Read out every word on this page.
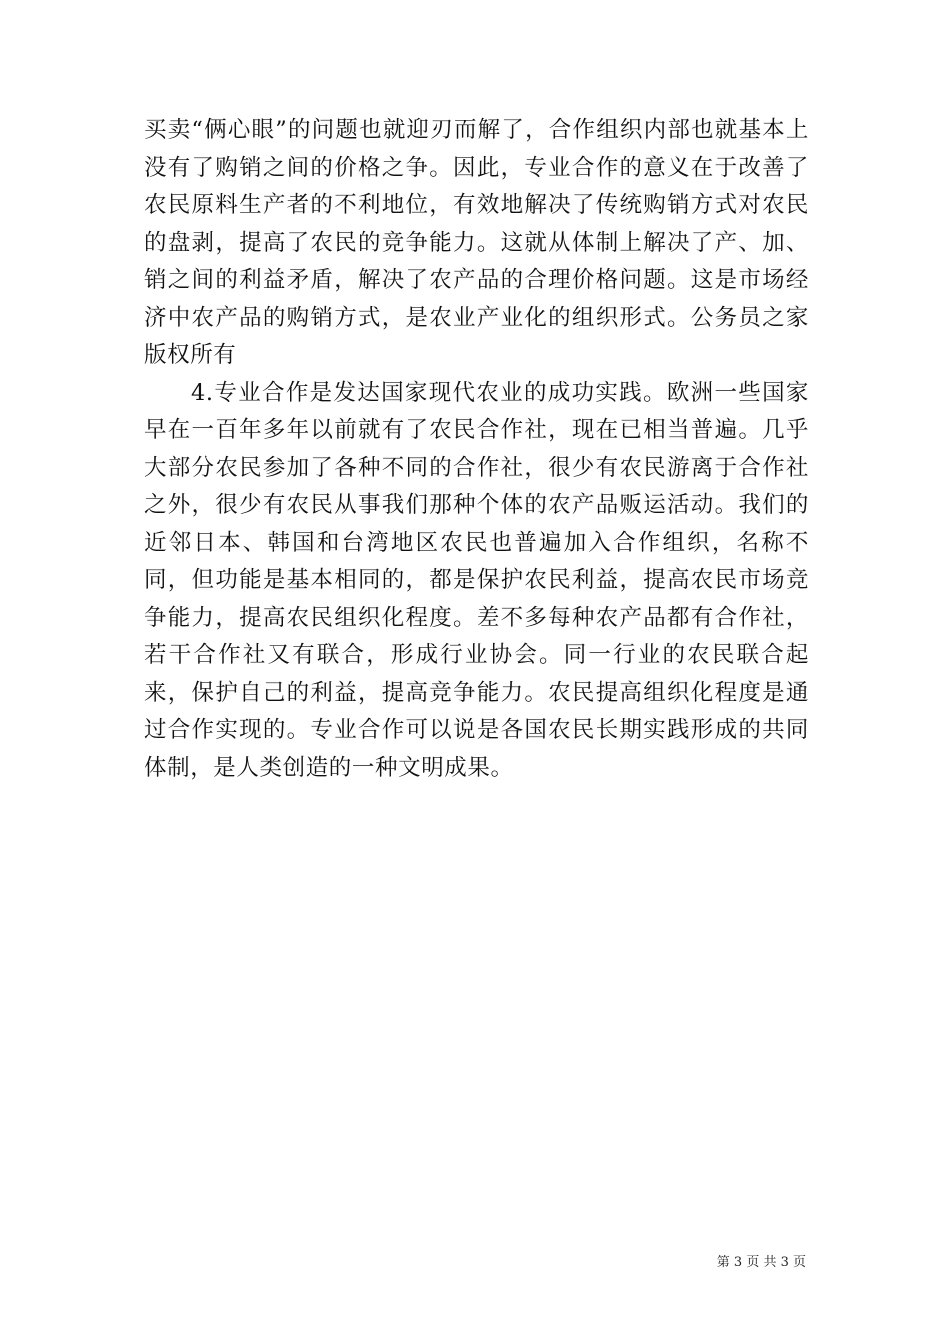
买卖“俩心眼”的问题也就迎刃而解了，合作组织内部也就基本上没有了购销之间的价格之争。因此，专业合作的意义在于改善了农民原料生产者的不利地位，有效地解决了传统购销方式对农民的盘剥，提高了农民的竞争能力。这就从体制上解决了产、加、销之间的利益矛盾，解决了农产品的合理价格问题。这是市场经济中农产品的购销方式，是农业产业化的组织形式。公务员之家版权所有

4.专业合作是发达国家现代农业的成功实践。欧洲一些国家早在一百年多年以前就有了农民合作社，现在已相当普遍。几乎大部分农民参加了各种不同的合作社，很少有农民游离于合作社之外，很少有农民从事我们那种个体的农产品贩运活动。我们的近邻日本、韩国和台湾地区农民也普遍加入合作组织，名称不同，但功能是基本相同的，都是保护农民利益，提高农民市场竞争能力，提高农民组织化程度。差不多每种农产品都有合作社，若干合作社又有联合，形成行业协会。同一行业的农民联合起来，保护自己的利益，提高竞争能力。农民提高组织化程度是通过合作实现的。专业合作可以说是各国农民长期实践形成的共同体制，是人类创造的一种文明成果。

第 3 页 共 3 页
